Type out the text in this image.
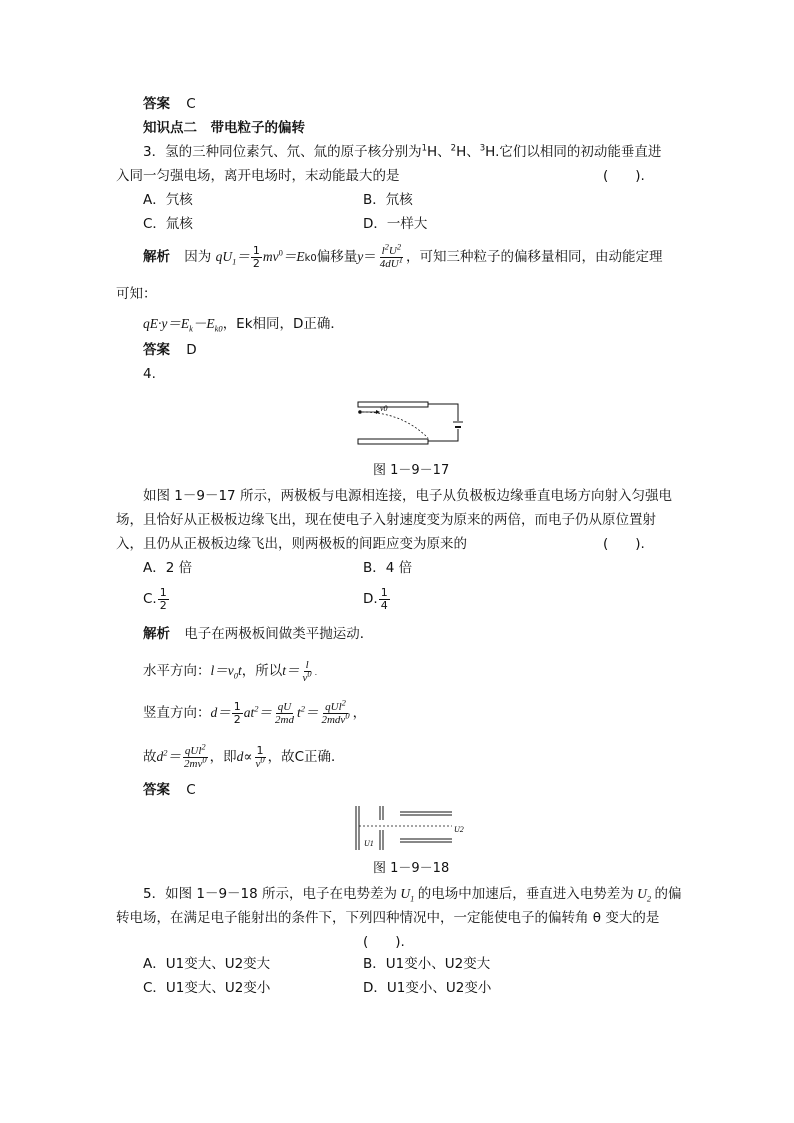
答案 C
知识点二　带电粒子的偏转
3．氢的三种同位素氕、氘、氚的原子核分别为$^1$H、$^2$H、$^3$H.它们以相同的初动能垂直进
入同一匀强电场，离开电场时，末动能最大的是	(　　).
A．氕核	B．氘核
C．氚核	D．一样大
解析 因为 $qU_1= \frac{1}{2} mv^0=Ek0$偏移量$y= \frac{l^2U^2}{4dU^1}$ ，可知三种粒子的偏移量相同，由动能定理
可知：
$qE\cdot y=E_k-E_{k0}$，Ek相同，D正确．
答案 D
4.
v0
图 1－9－17
如图 1－9－17 所示，两极板与电源相连接，电子从负极板边缘垂直电场方向射入匀强电
场，且恰好从正极板边缘飞出，现在使电子入射速度变为原来的两倍，而电子仍从原位置射
入，且仍从正极板边缘飞出，则两极板的间距应变为原来的	(　　).
A．2 倍	B．4 倍
C. $\frac{1}{2}$	D. $\frac{1}{4}$
解析 电子在两极板间做类平抛运动．
水平方向：$l=v_0t$，所以$t= \frac{l}{v^0}$ .
竖直方向：$d= \frac{1}{2} at^2= \frac{qU}{2md} t^2= \frac{qUl^2}{2mdv^0}$ ，
故$d^2= \frac{qUl^2}{2mv^0}$ ，即$d\propto \frac{1}{v^0}$ ，故C正确．
答案 C
U1
U2
图 1－9－18
5．如图 1－9－18 所示，电子在电势差为 $U_1$ 的电场中加速后，垂直进入电势差为 $U_2$ 的偏
转电场，在满足电子能射出的条件下，下列四种情况中，一定能使电子的偏转角 θ 变大的是
(　　).
A．U1变大、U2变大	B．U1变小、U2变大
C．U1变大、U2变小	D．U1变小、U2变小
